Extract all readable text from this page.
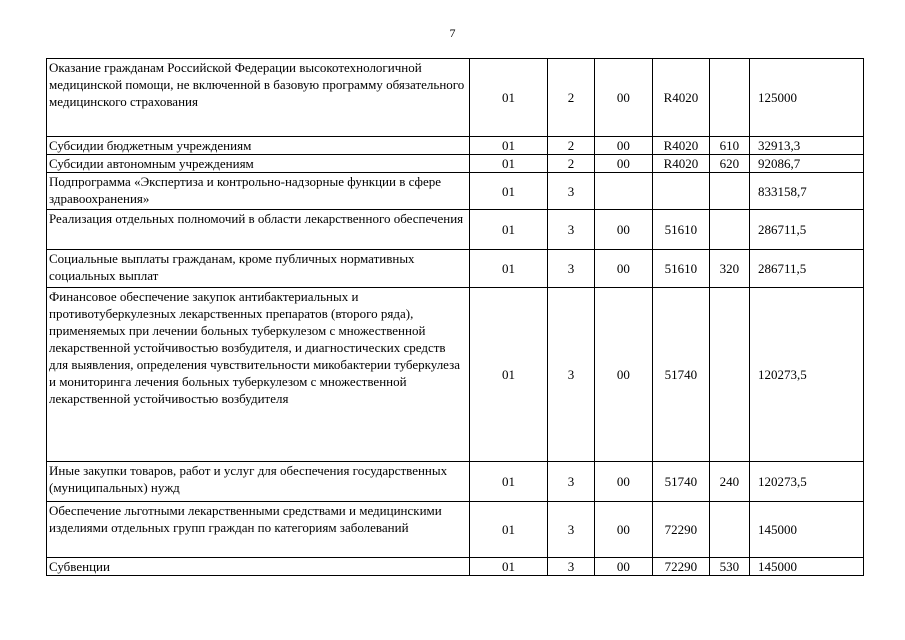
7
Оказание гражданам Российской Федерации высокотехнологичной медицинской помощи, не включенной в базовую программу обязательного медицинского страхования	01	2	00	R4020		125000
Субсидии бюджетным учреждениям	01	2	00	R4020	610	32913,3
Субсидии автономным учреждениям	01	2	00	R4020	620	92086,7
Подпрограмма «Экспертиза и контрольно-надзорные функции в сфере здравоохранения»	01	3				833158,7
Реализация отдельных полномочий в области лекарственного обеспечения	01	3	00	51610		286711,5
Социальные выплаты гражданам, кроме публичных нормативных социальных выплат	01	3	00	51610	320	286711,5
Финансовое обеспечение закупок антибактериальных и противотуберкулезных лекарственных препаратов (второго ряда), применяемых при лечении больных туберкулезом с множественной лекарственной устойчивостью возбудителя, и диагностических средств для выявления, определения чувствительности микобактерии туберкулеза и мониторинга лечения больных туберкулезом с множественной лекарственной устойчивостью возбудителя	01	3	00	51740		120273,5
Иные закупки товаров, работ и услуг для обеспечения государственных (муниципальных) нужд	01	3	00	51740	240	120273,5
Обеспечение льготными лекарственными средствами и медицинскими изделиями отдельных групп граждан по категориям заболеваний	01	3	00	72290		145000
Субвенции	01	3	00	72290	530	145000
